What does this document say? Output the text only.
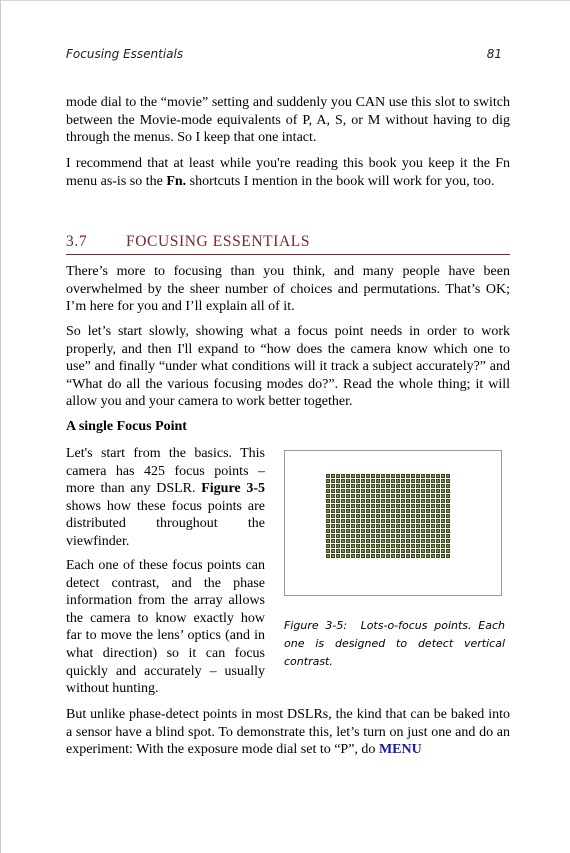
Focusing Essentials	81

mode dial to the “movie” setting and suddenly you CAN use this slot to switch between the Movie-mode equivalents of P, A, S, or M without having to dig through the menus. So I keep that one intact.

I recommend that at least while you're reading this book you keep it the Fn menu as-is so the Fn. shortcuts I mention in the book will work for you, too.

3.7	FOCUSING ESSENTIALS

There’s more to focusing than you think, and many people have been overwhelmed by the sheer number of choices and permutations. That’s OK; I’m here for you and I’ll explain all of it.

So let’s start slowly, showing what a focus point needs in order to work properly, and then I'll expand to “how does the camera know which one to use” and finally “under what conditions will it track a subject accurately?” and “What do all the various focusing modes do?”. Read the whole thing; it will allow you and your camera to work better together.

A single Focus Point

Let's start from the basics. This camera has 425 focus points – more than any DSLR. Figure 3-5 shows how these focus points are distributed throughout the viewfinder.

Each one of these focus points can detect contrast, and the phase information from the array allows the camera to know exactly how far to move the lens’ optics (and in what direction) so it can focus quickly and accurately – usually without hunting.

Figure 3-5: Lots-o-focus points. Each one is designed to detect vertical contrast.

But unlike phase-detect points in most DSLRs, the kind that can be baked into a sensor have a blind spot. To demonstrate this, let’s turn on just one and do an experiment: With the exposure mode dial set to “P”, do MENU
